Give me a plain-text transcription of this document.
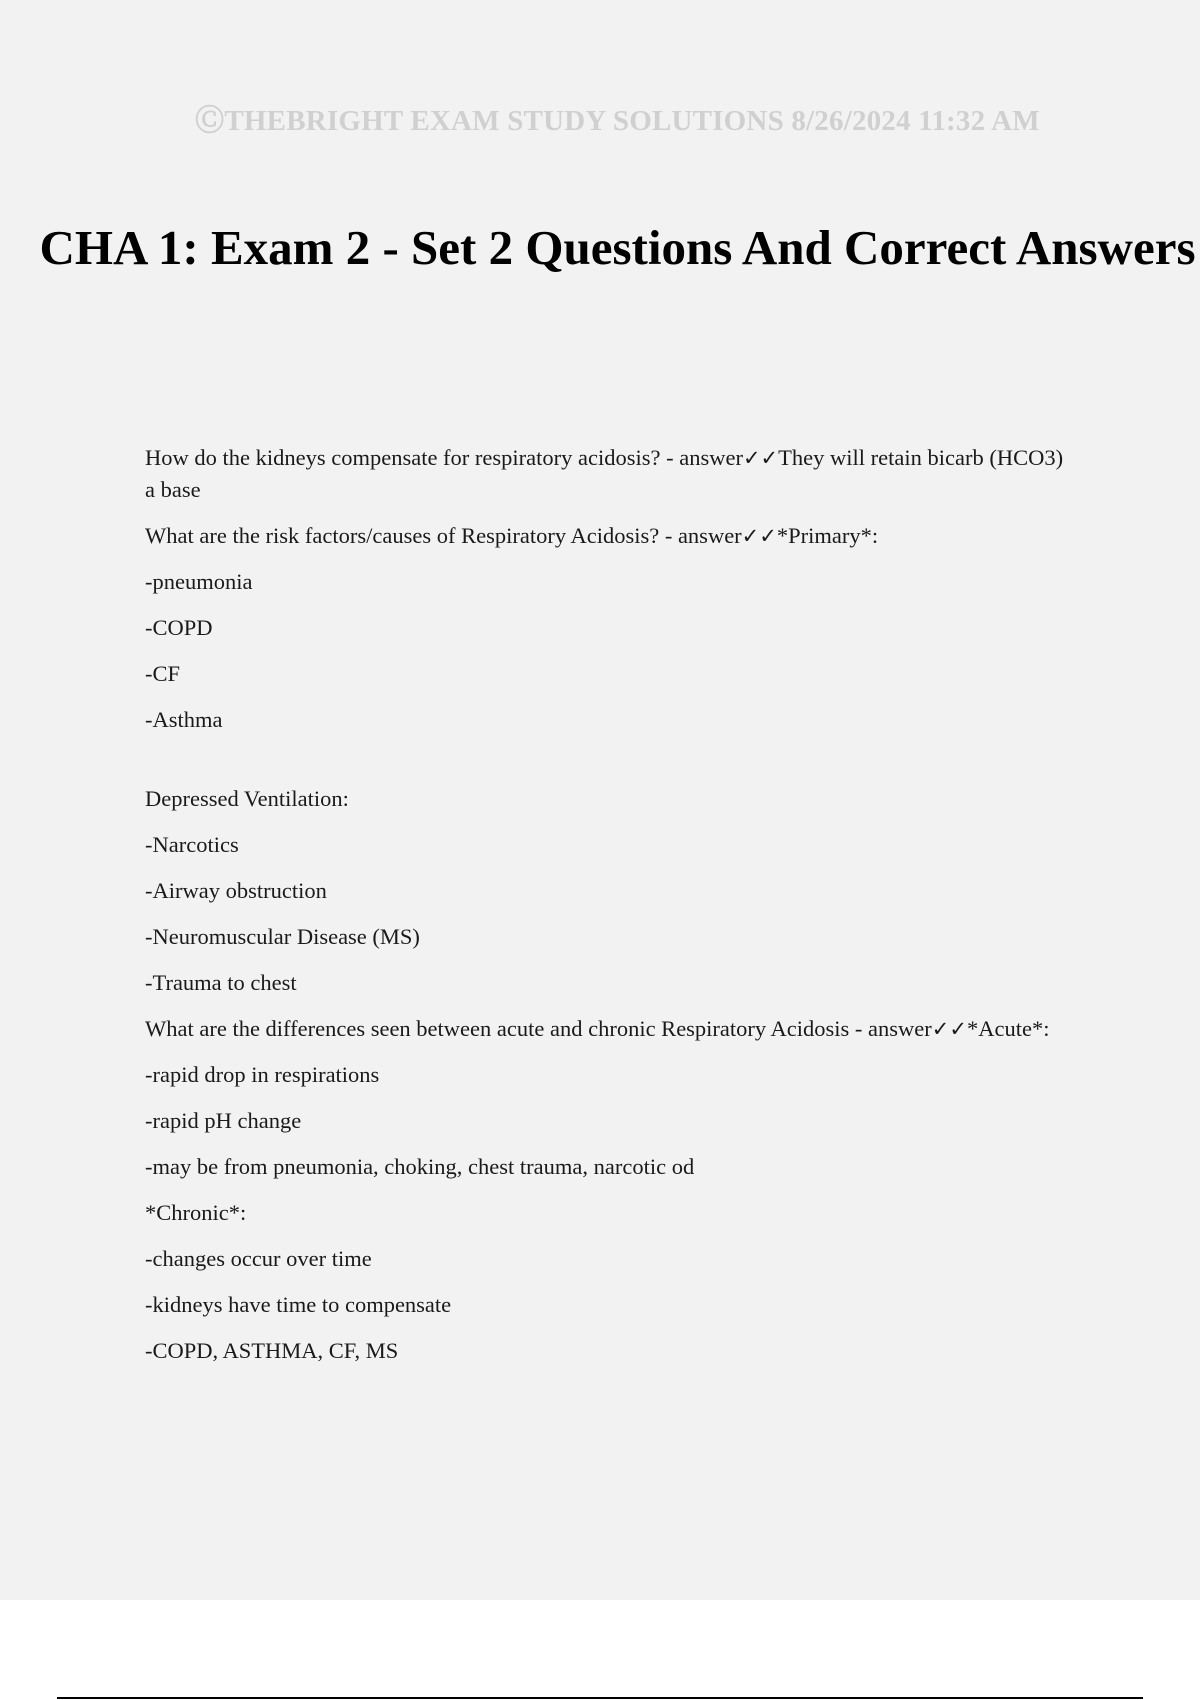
ⒸTHEBRIGHT EXAM STUDY SOLUTIONS 8/26/2024 11:32 AM
CHA 1: Exam 2 - Set 2 Questions And Correct Answers

How do the kidneys compensate for respiratory acidosis? - answer✓✓They will retain bicarb (HCO3) a base

What are the risk factors/causes of Respiratory Acidosis? - answer✓✓*Primary*:

-pneumonia

-COPD

-CF

-Asthma

Depressed Ventilation:

-Narcotics

-Airway obstruction

-Neuromuscular Disease (MS)

-Trauma to chest

What are the differences seen between acute and chronic Respiratory Acidosis - answer✓✓*Acute*:

-rapid drop in respirations

-rapid pH change

-may be from pneumonia, choking, chest trauma, narcotic od

*Chronic*:

-changes occur over time

-kidneys have time to compensate

-COPD, ASTHMA, CF, MS
